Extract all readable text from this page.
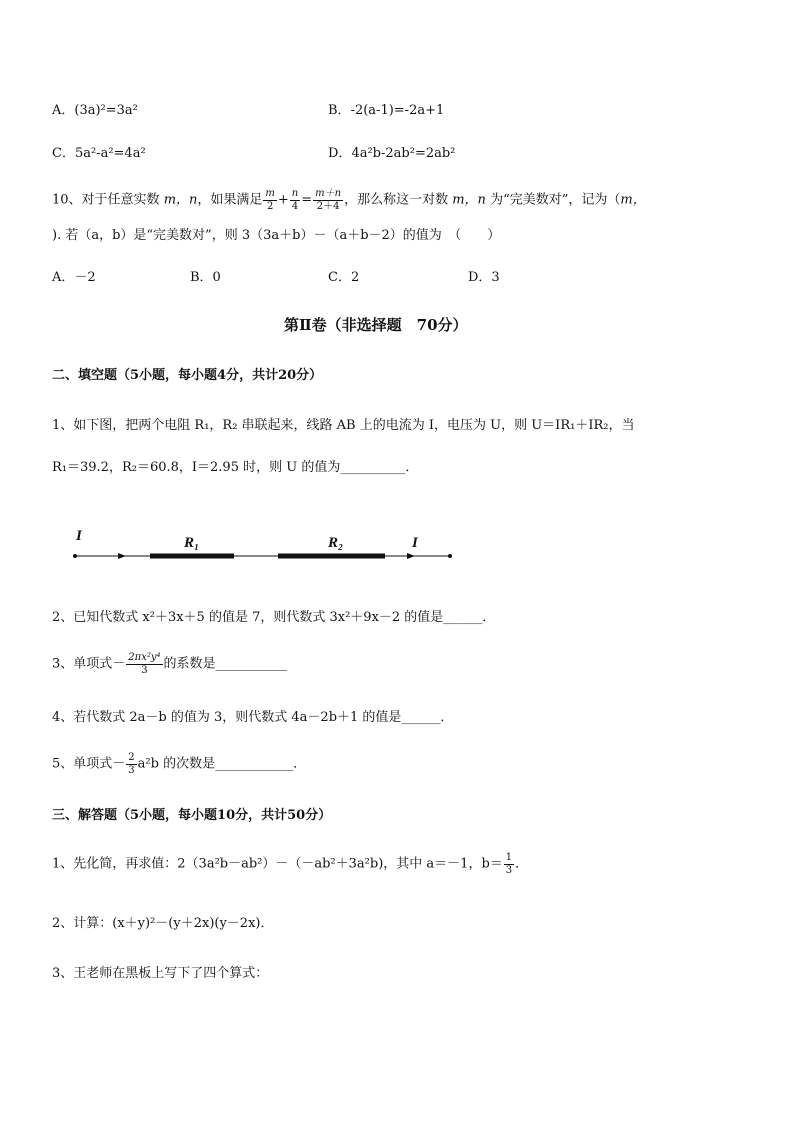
A．(3a)²=3a²	B．-2(a-1)=-2a+1
C．5a²-a²=4a²	D．4a²b-2ab²=2ab²
10、对于任意实数 m，n，如果满足 $\frac{m}{2} + \frac{n}{4} = \frac{m+n}{2+4}$ ，那么称这一对数 m，n 为“完美数对”，记为（m，
). 若（a，b）是“完美数对”，则 3（3a＋b）－（a＋b－2）的值为　（　　）
A．－2	B．0	C．2	D．3
第Ⅱ卷（非选择题　70分）
二、填空题（5小题，每小题4分，共计20分）
1、如下图，把两个电阻 R₁，R₂ 串联起来，线路 AB 上的电流为 I，电压为 U，则 U＝IR₁＋IR₂，当
R₁＝39.2，R₂＝60.8，I＝2.95 时，则 U 的值为__________．
I	R₁	R₂	I
2、已知代数式 x²＋3x＋5 的值是 7，则代数式 3x²＋9x－2 的值是______．
3、单项式－ $\frac{\text{2πx²y⁴}}{3}$ 的系数是___________
4、若代数式 2a－b 的值为 3，则代数式 4a－2b＋1 的值是______．
5、单项式－ $\frac{2}{3} a^2b$ 的次数是____________．
三、解答题（5小题，每小题10分，共计50分）
1、先化简，再求值：2（3a²b－ab²）－（－ab²＋3a²b)，其中 a＝－1，$b= \frac{1}{3}$ ．
2、计算：(x＋y)²－(y＋2x)(y－2x)．
3、王老师在黑板上写下了四个算式：
